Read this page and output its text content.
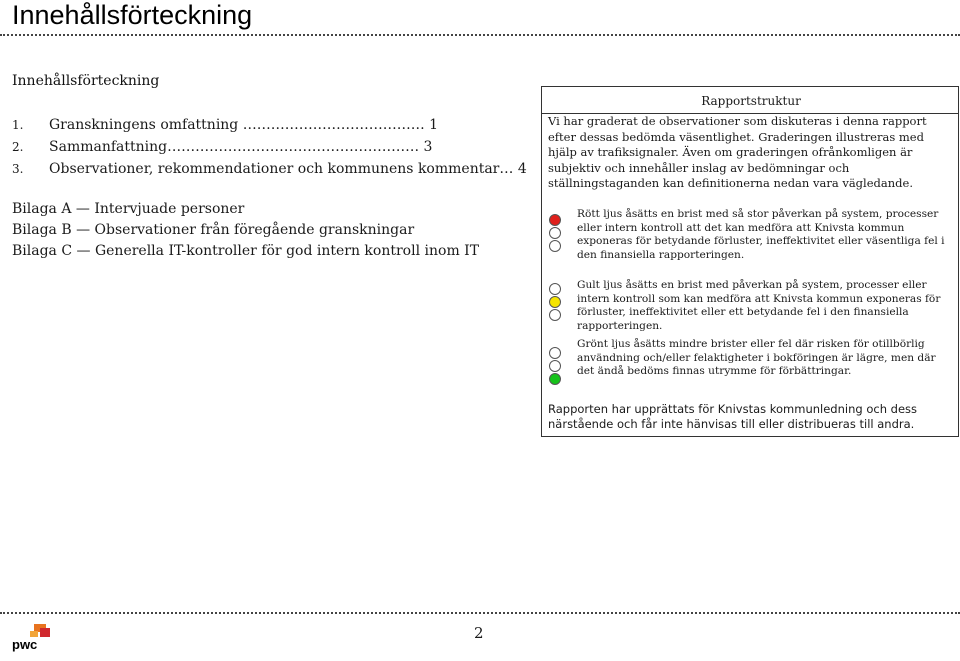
Innehållsförteckning
Innehållsförteckning
1. Granskningens omfattning ………………………………… 1
2. Sammanfattning……………………………………………… 3
3. Observationer, rekommendationer och kommunens kommentar… 4
Bilaga A — Intervjuade personer
Bilaga B — Observationer från föregående granskningar
Bilaga C — Generella IT-kontroller för god intern kontroll inom IT
Rapportstruktur
Vi har graderat de observationer som diskuteras i denna rapport efter dessas bedömda väsentlighet. Graderingen illustreras med hjälp av trafiksignaler. Även om graderingen ofrånkomligen är subjektiv och innehåller inslag av bedömningar och ställningstaganden kan definitionerna nedan vara vägledande.
Rött ljus åsätts en brist med så stor påverkan på system, processer eller intern kontroll att det kan medföra att Knivsta kommun exponeras för betydande förluster, ineffektivitet eller väsentliga fel i den finansiella rapporteringen.
Gult ljus åsätts en brist med påverkan på system, processer eller intern kontroll som kan medföra att Knivsta kommun exponeras för förluster, ineffektivitet eller ett betydande fel i den finansiella rapporteringen.
Grönt ljus åsätts mindre brister eller fel där risken för otillbörlig användning och/eller felaktigheter i bokföringen är lägre, men där det ändå bedöms finnas utrymme för förbättringar.
Rapporten har upprättats för Knivstas kommunledning och dess närstående och får inte hänvisas till eller distribueras till andra.
pwc
2
